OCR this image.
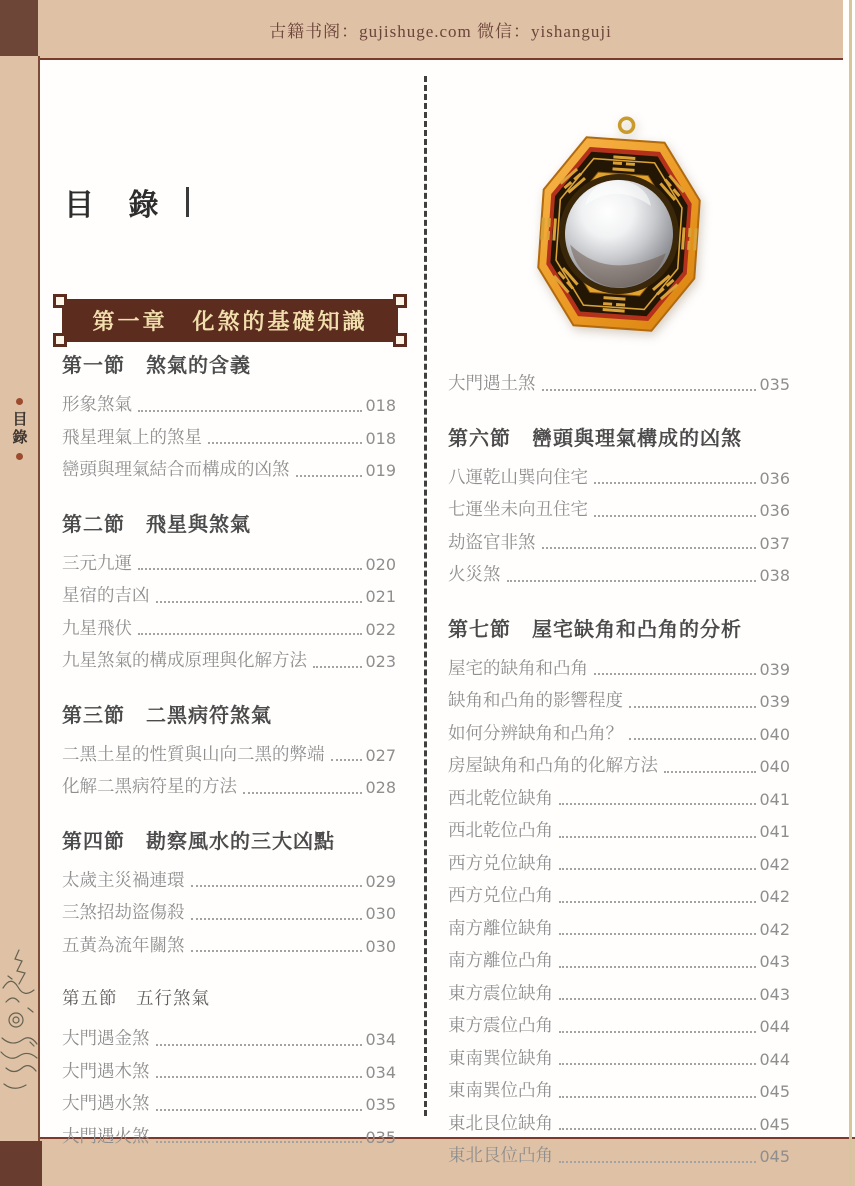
古籍书阁：gujishuge.com 微信：yishanguji
目錄
目 錄
第一章　化煞的基礎知識
第一節　煞氣的含義
形象煞氣	018
飛星理氣上的煞星	018
巒頭與理氣結合而構成的凶煞	019
第二節　飛星與煞氣
三元九運	020
星宿的吉凶	021
九星飛伏	022
九星煞氣的構成原理與化解方法	023
第三節　二黑病符煞氣
二黑土星的性質與山向二黑的弊端	027
化解二黑病符星的方法	028
第四節　勘察風水的三大凶點
太歲主災禍連環	029
三煞招劫盜傷殺	030
五黃為流年關煞	030
第五節　五行煞氣
大門遇金煞	034
大門遇木煞	034
大門遇水煞	035
大門遇火煞	035
大門遇土煞	035
第六節　巒頭與理氣構成的凶煞
八運乾山巽向住宅	036
七運坐未向丑住宅	036
劫盜官非煞	037
火災煞	038
第七節　屋宅缺角和凸角的分析
屋宅的缺角和凸角	039
缺角和凸角的影響程度	039
如何分辨缺角和凸角？	040
房屋缺角和凸角的化解方法	040
西北乾位缺角	041
西北乾位凸角	041
西方兑位缺角	042
西方兑位凸角	042
南方離位缺角	042
南方離位凸角	043
東方震位缺角	043
東方震位凸角	044
東南巽位缺角	044
東南巽位凸角	045
東北艮位缺角	045
東北艮位凸角	045
